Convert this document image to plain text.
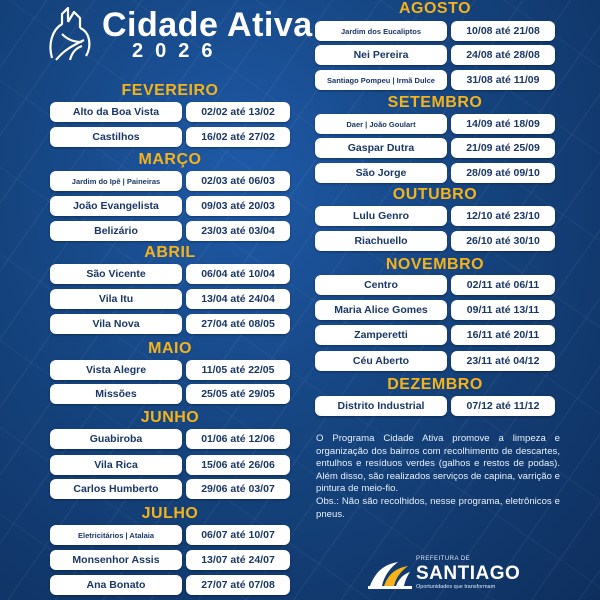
Cidade Ativa
2026
FEVEREIRO
Alto da Boa Vista	02/02 até 13/02
Castilhos	16/02 até 27/02
MARÇO
Jardim do Ipê | Paineiras	02/03 até 06/03
João Evangelista	09/03 até 20/03
Belizário	23/03 até 03/04
ABRIL
São Vicente	06/04 até 10/04
Vila Itu	13/04 até 24/04
Vila Nova	27/04 até 08/05
MAIO
Vista Alegre	11/05 até 22/05
Missões	25/05 até 29/05
JUNHO
Guabiroba	01/06 até 12/06
Vila Rica	15/06 até 26/06
Carlos Humberto	29/06 até 03/07
JULHO
Eletricitários | Atalaia	06/07 até 10/07
Monsenhor Assis	13/07 até 24/07
Ana Bonato	27/07 até 07/08
AGOSTO
Jardim dos Eucaliptos	10/08 até 21/08
Nei Pereira	24/08 até 28/08
Santiago Pompeu | Irmã Dulce	31/08 até 11/09
SETEMBRO
Daer | João Goulart	14/09 até 18/09
Gaspar Dutra	21/09 até 25/09
São Jorge	28/09 até 09/10
OUTUBRO
Lulu Genro	12/10 até 23/10
Riachuello	26/10 até 30/10
NOVEMBRO
Centro	02/11 até 06/11
Maria Alice Gomes	09/11 até 13/11
Zamperetti	16/11 até 20/11
Céu Aberto	23/11 até 04/12
DEZEMBRO
Distrito Industrial	07/12 até 11/12

O Programa Cidade Ativa promove a limpeza e organização dos bairros com recolhimento de descartes, entulhos e resíduos verdes (galhos e restos de podas). Além disso, são realizados serviços de capina, varrição e pintura de meio-fio.

Obs.: Não são recolhidos, nesse programa, eletrônicos e pneus.

PREFEITURA DE
SANTIAGO
Oportunidades que transformam
